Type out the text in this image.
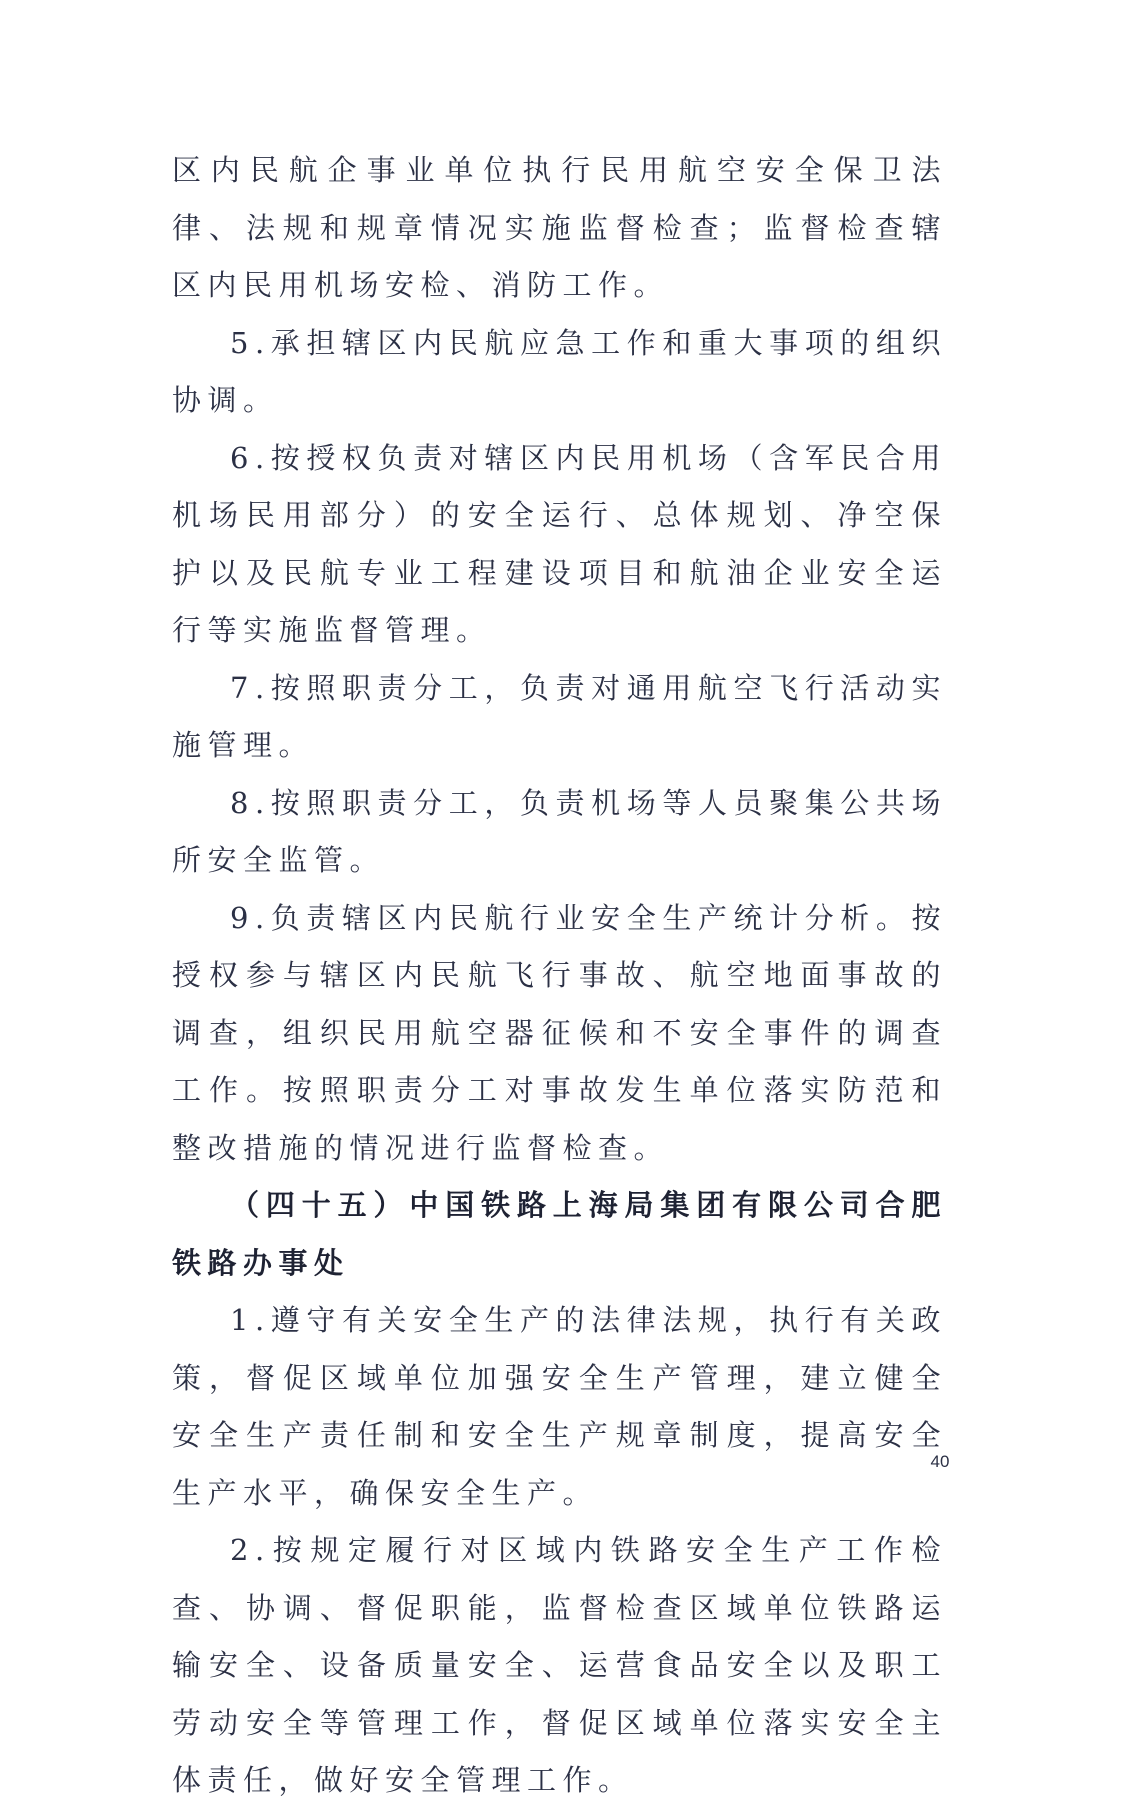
区内民航企事业单位执行民用航空安全保卫法律、法规和规章情况实施监督检查；监督检查辖区内民用机场安检、消防工作。

5.承担辖区内民航应急工作和重大事项的组织协调。

6.按授权负责对辖区内民用机场（含军民合用机场民用部分）的安全运行、总体规划、净空保护以及民航专业工程建设项目和航油企业安全运行等实施监督管理。

7.按照职责分工，负责对通用航空飞行活动实施管理。

8.按照职责分工，负责机场等人员聚集公共场所安全监管。

9.负责辖区内民航行业安全生产统计分析。按授权参与辖区内民航飞行事故、航空地面事故的调查，组织民用航空器征候和不安全事件的调查工作。按照职责分工对事故发生单位落实防范和整改措施的情况进行监督检查。

（四十五）中国铁路上海局集团有限公司合肥铁路办事处

1.遵守有关安全生产的法律法规，执行有关政策，督促区域单位加强安全生产管理，建立健全安全生产责任制和安全生产规章制度，提高安全生产水平，确保安全生产。

2.按规定履行对区域内铁路安全生产工作检查、协调、督促职能，监督检查区域单位铁路运输安全、设备质量安全、运营食品安全以及职工劳动安全等管理工作，督促区域单位落实安全主体责任，做好安全管理工作。

40
